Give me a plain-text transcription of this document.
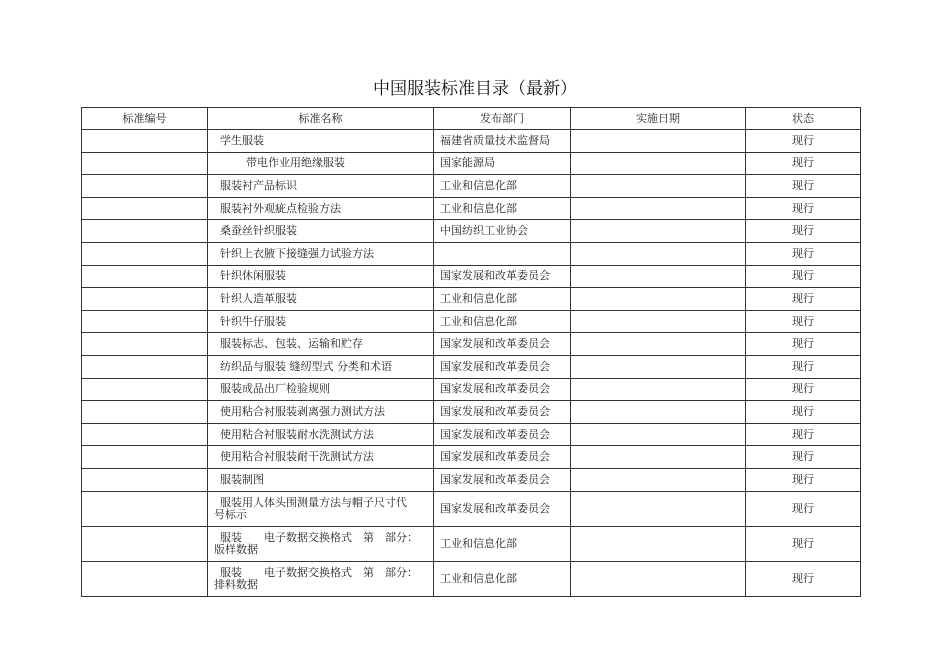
中国服装标准目录（最新）
标准编号	标准名称	发布部门	实施日期	状态
	学生服装	福建省质量技术监督局		现行
	带电作业用绝缘服装	国家能源局		现行
	服装衬产品标识	工业和信息化部		现行
	服装衬外观疵点检验方法	工业和信息化部		现行
	桑蚕丝针织服装	中国纺织工业协会		现行
	针织上衣腋下接缝强力试验方法			现行
	针织休闲服装	国家发展和改革委员会		现行
	针织人造革服装	工业和信息化部		现行
	针织牛仔服装	工业和信息化部		现行
	服装标志、包装、运输和贮存	国家发展和改革委员会		现行
	纺织品与服装 缝纫型式 分类和术语	国家发展和改革委员会		现行
	服装成品出厂检验规则	国家发展和改革委员会		现行
	使用粘合衬服装剥离强力测试方法	国家发展和改革委员会		现行
	使用粘合衬服装耐水洗测试方法	国家发展和改革委员会		现行
	使用粘合衬服装耐干洗测试方法	国家发展和改革委员会		现行
	服装制图	国家发展和改革委员会		现行

	服装用人体头围测量方法与帽子尺寸代
号标示	国家发展和改革委员会		现行

	服装　　电子数据交换格式　第　部分：
版样数据	工业和信息化部		现行

	服装　　电子数据交换格式　第　部分：
排料数据	工业和信息化部		现行
